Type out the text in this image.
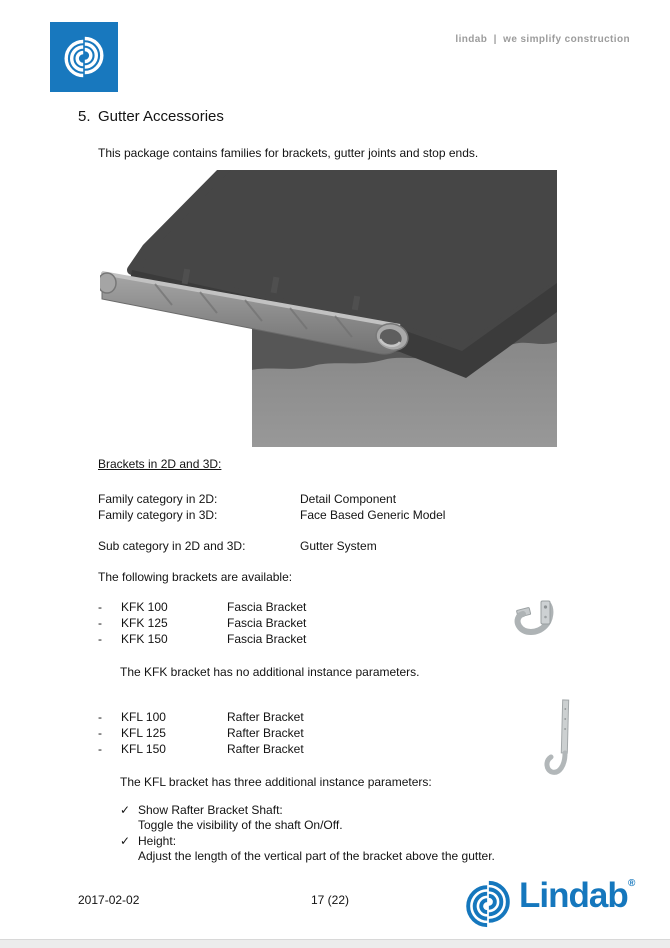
lindab  |  we simplify construction
5. Gutter Accessories
This package contains families for brackets, gutter joints and stop ends.
Brackets in 2D and 3D:
Family category in 2D:	Detail Component
Family category in 3D:	Face Based Generic Model
Sub category in 2D and 3D:	Gutter System
The following brackets are available:
- KFK 100	Fascia Bracket
- KFK 125	Fascia Bracket
- KFK 150	Fascia Bracket
The KFK bracket has no additional instance parameters.
- KFL 100	Rafter Bracket
- KFL 125	Rafter Bracket
- KFL 150	Rafter Bracket
The KFL bracket has three additional instance parameters:
✓ Show Rafter Bracket Shaft:
Toggle the visibility of the shaft On/Off.
✓ Height:
Adjust the length of the vertical part of the bracket above the gutter.
2017-02-02	17 (22)	Lindab ®
